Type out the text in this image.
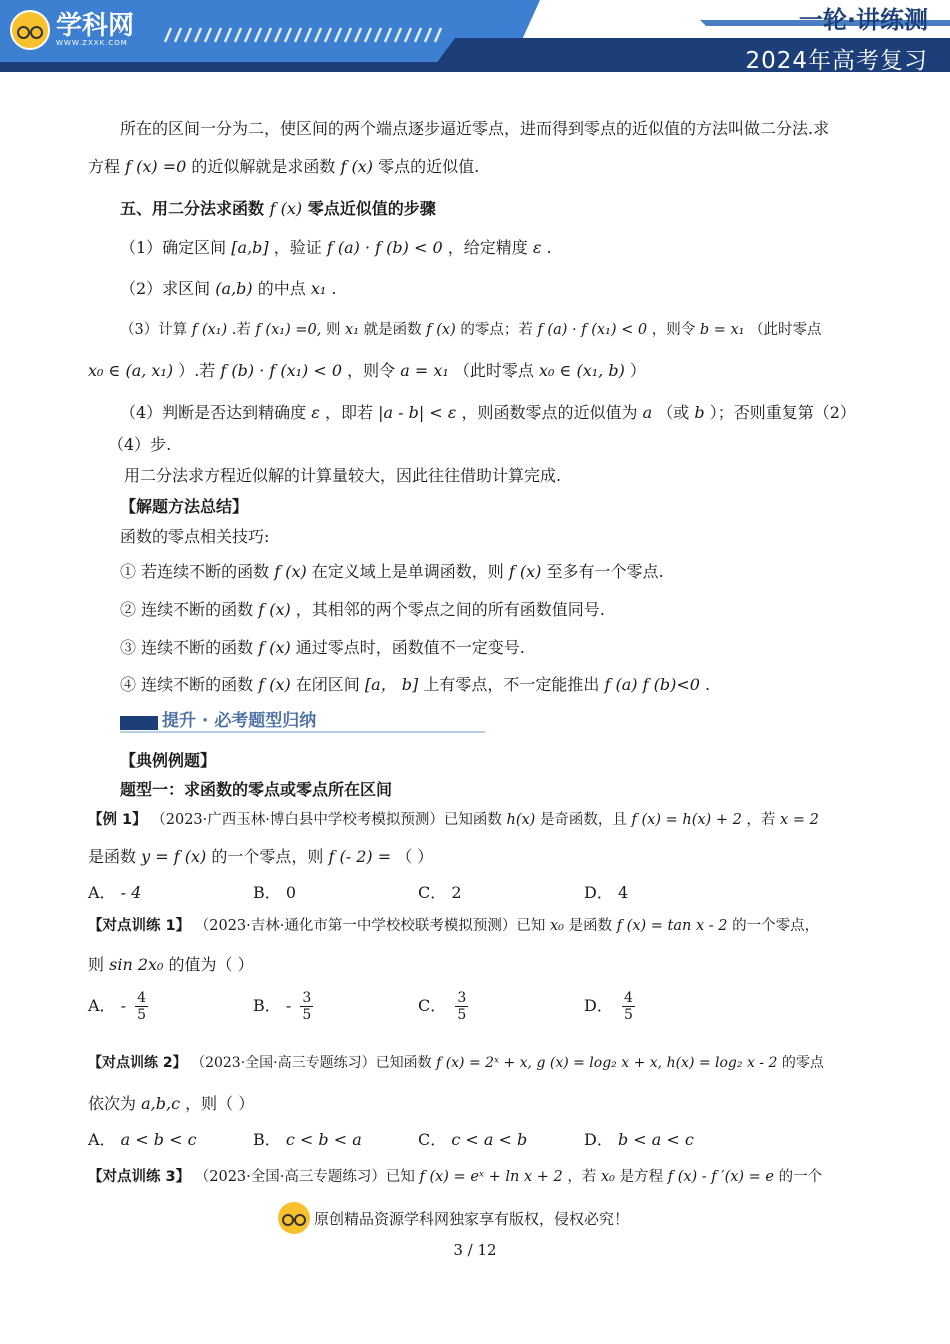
学科网
WWW.ZXXK.COM
一轮·讲练测
2024年高考复习
所在的区间一分为二，使区间的两个端点逐步逼近零点，进而得到零点的近似值的方法叫做二分法.求
方程 f (x) =0 的近似解就是求函数 f (x) 零点的近似值.
五、用二分法求函数 f (x) 零点近似值的步骤
（1）确定区间 [a,b] ，验证 f (a) · f (b) < 0 ，给定精度 ε .
（2）求区间 (a,b) 的中点 x₁ .
（3）计算 f (x₁) .若 f (x₁) =0, 则 x₁ 就是函数 f (x) 的零点；若 f (a) · f (x₁) < 0 ，则令 b = x₁ （此时零点
x₀ ∈ (a, x₁) ）.若 f (b) · f (x₁) < 0 ，则令 a = x₁ （此时零点 x₀ ∈ (x₁, b) ）
（4）判断是否达到精确度 ε ，即若 |a - b| < ε ，则函数零点的近似值为 a （或 b ）；否则重复第（2）
（4）步.
用二分法求方程近似解的计算量较大，因此往往借助计算完成.
【解题方法总结】
函数的零点相关技巧:
① 若连续不断的函数 f (x) 在定义域上是单调函数，则 f (x) 至多有一个零点.
② 连续不断的函数 f (x) ，其相邻的两个零点之间的所有函数值同号.
③ 连续不断的函数 f (x) 通过零点时，函数值不一定变号.
④ 连续不断的函数 f (x) 在闭区间 [a， b] 上有零点，不一定能推出 f (a) f (b)<0 .
提升 · 必考题型归纳
【典例例题】
题型一：求函数的零点或零点所在区间
【例 1】 （2023·广西玉林·博白县中学校考模拟预测）已知函数 h(x) 是奇函数，且 f (x) = h(x) + 2 ，若 x = 2
是函数 y = f (x) 的一个零点，则 f (- 2) = （ ）
A． - 4	B． 0	C． 2	D． 4
【对点训练 1】 （2023·吉林·通化市第一中学校校联考模拟预测）已知 x₀ 是函数 f (x) = tan x - 2 的一个零点，
则 sin 2x₀ 的值为（ ）
A． - $\frac{4}{5}$	B． - $\frac{3}{5}$	C． $\frac{3}{5}$	D． $\frac{4}{5}$
【对点训练 2】 （2023·全国·高三专题练习）已知函数 f (x) = 2ˣ + x, g (x) = log₂ x + x, h(x) = log₂ x - 2 的零点
依次为 a,b,c ，则（ ）
A． a < b < c	B． c < b < a	C． c < a < b	D． b < a < c
【对点训练 3】 （2023·全国·高三专题练习）已知 f (x) = eˣ + ln x + 2 ，若 x₀ 是方程 f (x) - f ′(x) = e 的一个
原创精品资源学科网独家享有版权，侵权必究！
3 / 12
